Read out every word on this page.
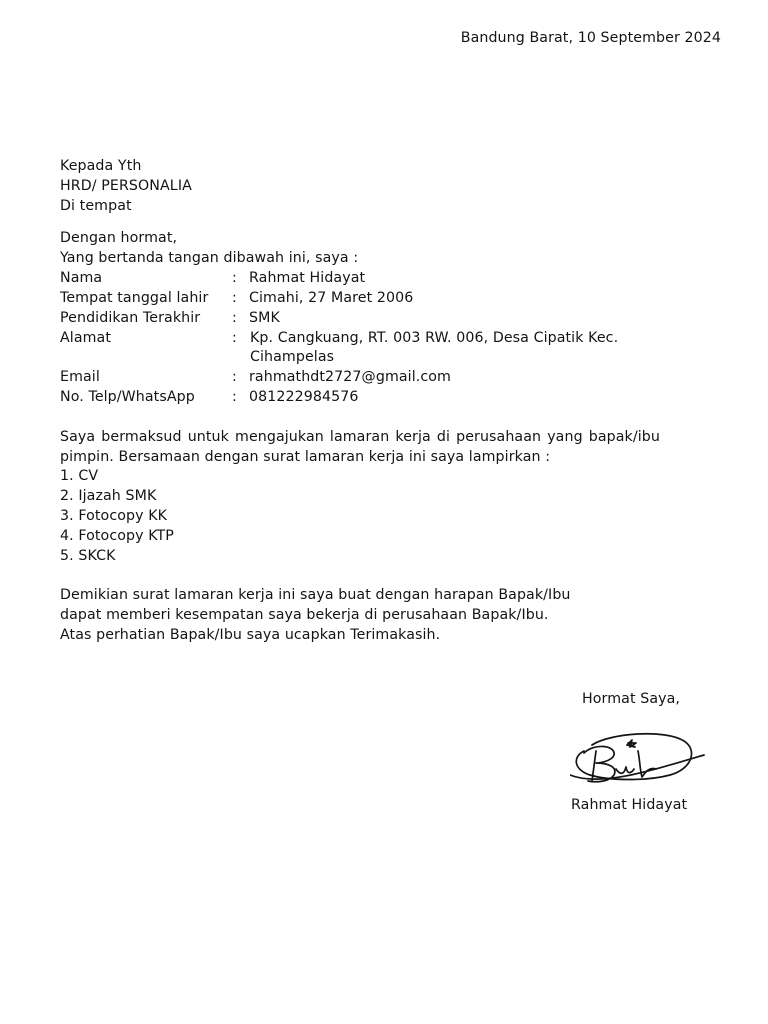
Bandung Barat, 10 September 2024
Kepada Yth
HRD/ PERSONALIA
Di tempat
Dengan hormat,
Yang bertanda tangan dibawah ini, saya :
Nama	: Rahmat Hidayat
Tempat tanggal lahir	: Cimahi, 27 Maret 2006
Pendidikan Terakhir	: SMK
Alamat	: Kp. Cangkuang, RT. 003 RW. 006, Desa Cipatik Kec.
Cihampelas
Email	: rahmathdt2727@gmail.com
No. Telp/WhatsApp	: 081222984576
Saya bermaksud untuk mengajukan lamaran kerja di perusahaan yang bapak/ibu pimpin. Bersamaan dengan surat lamaran kerja ini saya lampirkan :
1. CV
2. Ijazah SMK
3. Fotocopy KK
4. Fotocopy KTP
5. SKCK
Demikian surat lamaran kerja ini saya buat dengan harapan Bapak/Ibu
dapat memberi kesempatan saya bekerja di perusahaan Bapak/Ibu.
Atas perhatian Bapak/Ibu saya ucapkan Terimakasih.
Hormat Saya,
Rahmat Hidayat
